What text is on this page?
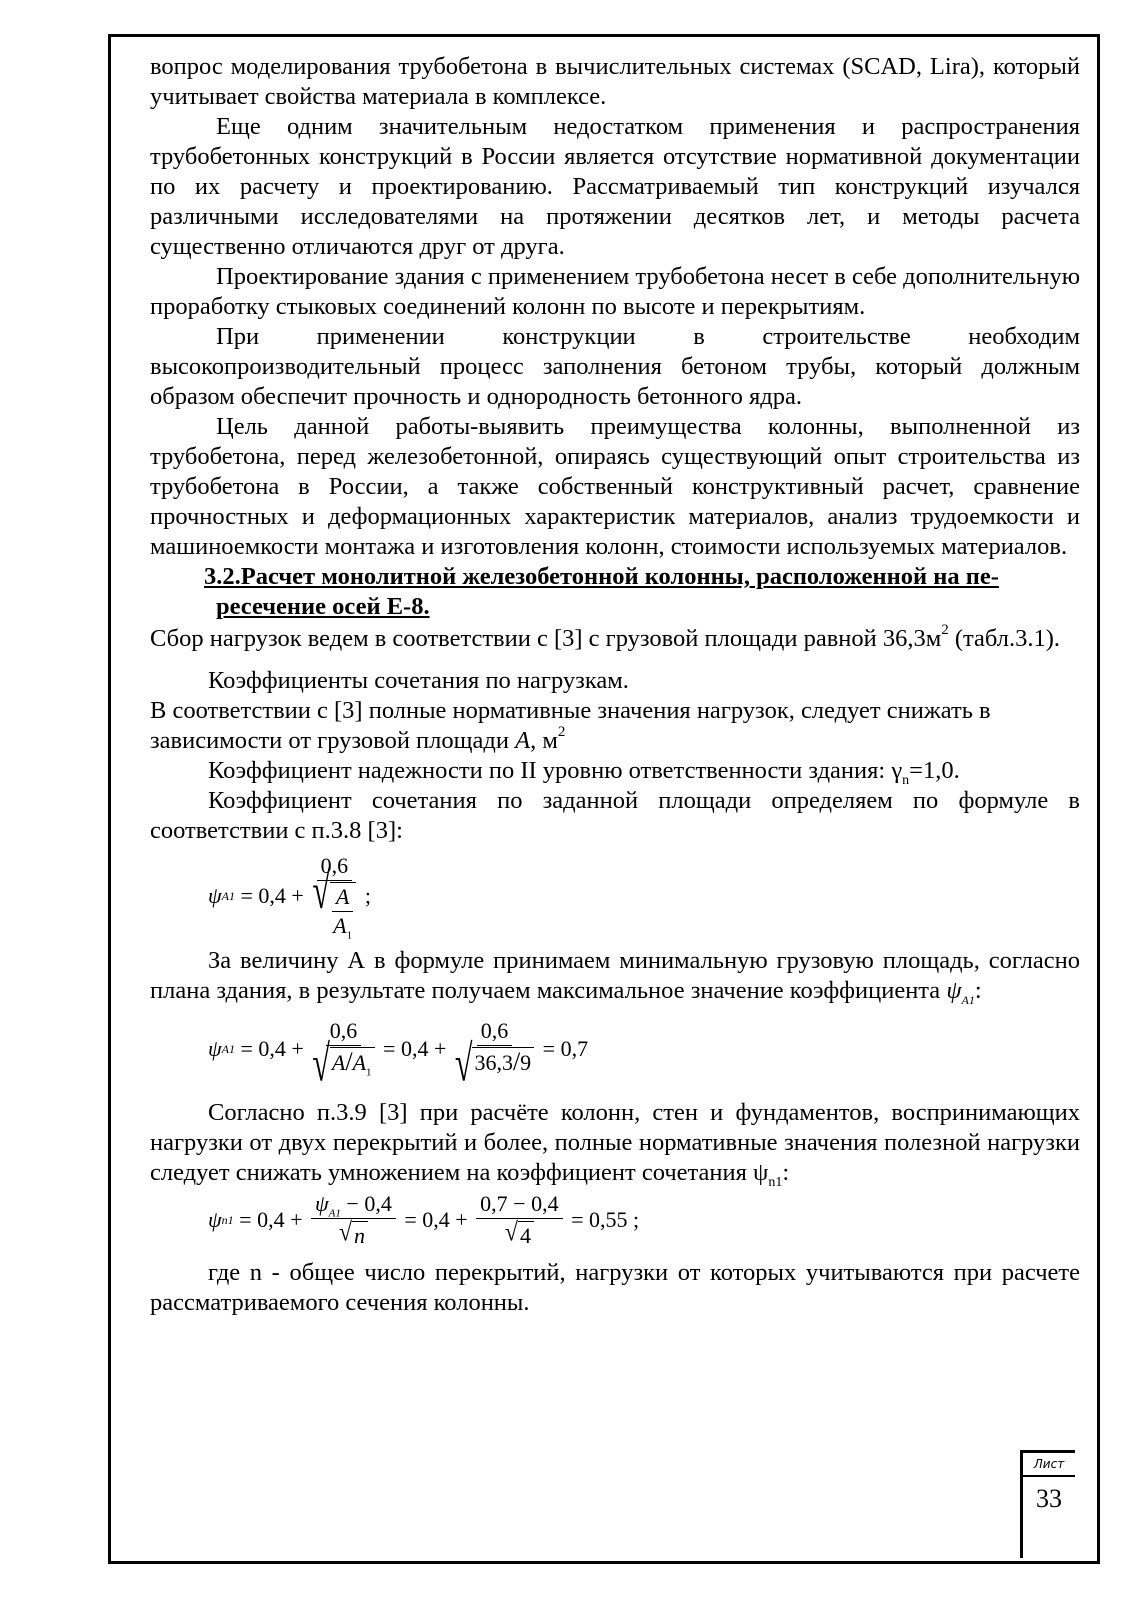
вопрос моделирования трубобетона в вычислительных системах (SCAD, Lira), который учитывает свойства материала в комплексе.

Еще одним значительным недостатком применения и распространения трубобетонных конструкций в России является отсутствие нормативной документации по их расчету и проектированию. Рассматриваемый тип конструкций изучался различными исследователями на протяжении десятков лет, и методы расчета существенно отличаются друг от друга.

Проектирование здания с применением трубобетона несет в себе дополнительную проработку стыковых соединений колонн по высоте и перекрытиям.

При применении конструкции в строительстве необходим высокопроизводительный процесс заполнения бетоном трубы, который должным образом обеспечит прочность и однородность бетонного ядра.

Цель данной работы-выявить преимущества колонны, выполненной из трубобетона, перед железобетонной, опираясь существующий опыт строительства из трубобетона в России, а также собственный конструктивный расчет, сравнение прочностных и деформационных характеристик материалов, анализ трудоемкости и машиноемкости монтажа и изготовления колонн, стоимости используемых материалов.

3.2.Расчет монолитной железобетонной колонны, расположенной на пе-
ресечение осей Е-8.

Сбор нагрузок ведем в соответствии с [3] с грузовой площади равной $36,3м^2$ (табл.3.1).

Коэффициенты сочетания по нагрузкам.

В соответствии с [3] полные нормативные значения нагрузок, следует снижать в зависимости от грузовой площади A, $м^2$

Коэффициент надежности по II уровню ответственности здания: $\gamma_n=1,0$.

Коэффициент сочетания по заданной площади определяем по формуле в соответствии с п.3.8 [3]:

ψ $A1 = 0,4 + \frac{0,6}{√ \frac{A}{A_1}}$ ;

За величину А в формуле принимаем минимальную грузовую площадь, согласно плана здания, в результате получаем максимальное значение коэффициента $\psi_{A1}$:

ψ $A1 = 0,4 + \frac{0,6}{√ A/A_1} = 0,4 + \frac{0,6}{√ 36,3/9} = 0,7$

Согласно п.3.9 [3] при расчёте колонн, стен и фундаментов, воспринимающих нагрузки от двух перекрытий и более, полные нормативные значения полезной нагрузки следует снижать умножением на коэффициент сочетания $\psi_{n1}$:

ψ $n1 = 0,4 + \frac{\psi_{A1} - 0,4}{√ n} = 0,4 + \frac{0,7 - 0,4}{√ 4} = 0,55$ ;

где n - общее число перекрытий, нагрузки от которых учитываются при расчете рассматриваемого сечения колонны.

Лист
33
